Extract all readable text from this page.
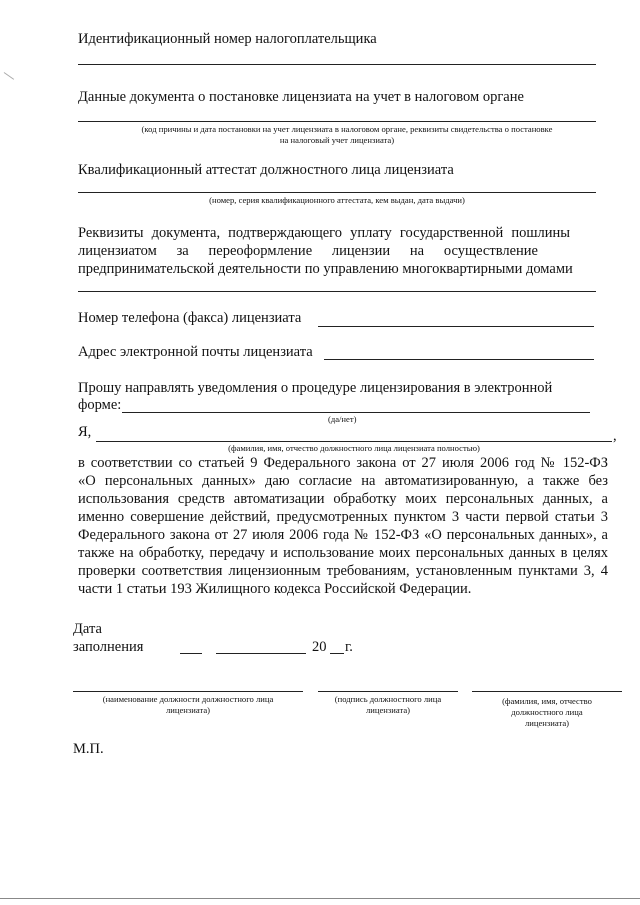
Идентификационный номер налогоплательщика
Данные документа о постановке лицензиата на учет в налоговом органе
(код причины и дата постановки на учет лицензиата в налоговом органе, реквизиты свидетельства о постановке
на налоговый учет лицензиата)
Квалификационный аттестат должностного лица лицензиата
(номер, серия квалификационного аттестата, кем выдан, дата выдачи)
Реквизиты документа, подтверждающего уплату государственной пошлины
лицензиатом за переоформление лицензии на осуществление
предпринимательской деятельности по управлению многоквартирными домами
Номер телефона (факса) лицензиата
Адрес электронной почты лицензиата
Прошу направлять уведомления о процедуре лицензирования в электронной
форме:
(да/нет)
Я,	,
(фамилия, имя, отчество должностного лица лицензиата полностью)
в соответствии со статьей 9 Федерального закона от 27 июля 2006 год № 152-ФЗ
«О персональных данных» даю согласие на автоматизированную, а также без
использования средств автоматизации обработку моих персональных данных, а
именно совершение действий, предусмотренных пунктом 3 части первой статьи 3
Федерального закона от 27 июля 2006 года № 152-ФЗ «О персональных данных», а
также на обработку, передачу и использование моих персональных данных в целях
проверки соответствия лицензионным требованиям, установленным пунктами 3, 4
части 1 статьи 193 Жилищного кодекса Российской Федерации.
Дата
заполнения	20 г.
(наименование должности должностного лица
лицензиата)
(подпись должностного лица
лицензиата)
(фамилия, имя, отчество
должностного лица
лицензиата)
М.П.
